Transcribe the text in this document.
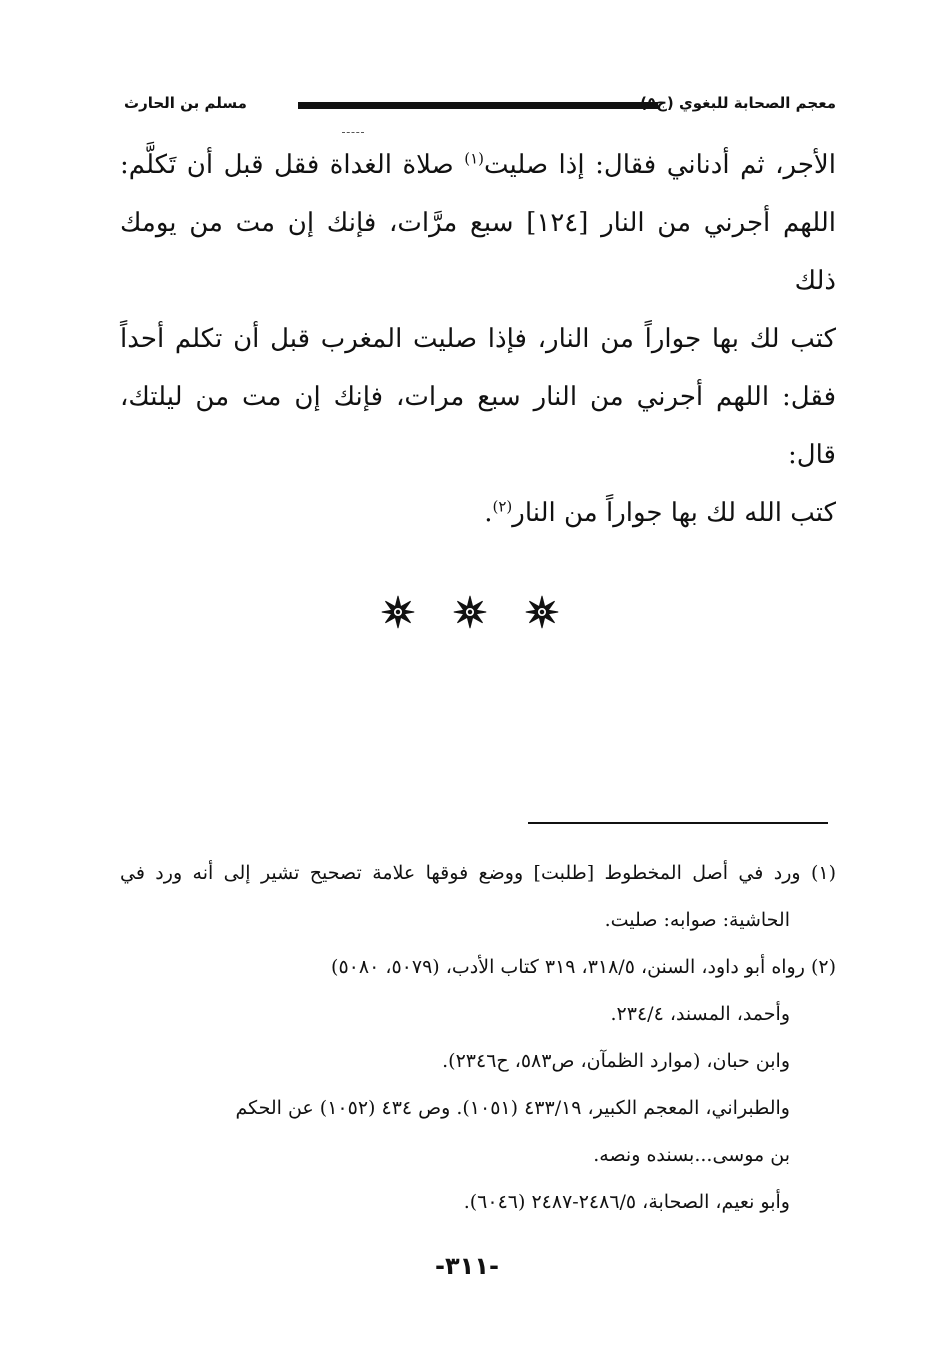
مسلم بن الحارث	معجم الصحابة للبغوي (ج٥)
الأجر، ثم أدناني فقال: إذا صليت$^{(١)}$ صلاة الغداة فقل قبل أن تَكلَّم:
اللهم أجرني من النار [١٢٤] سبع مرَّات، فإنك إن مت من يومك ذلك
كتب لك بها جواراً من النار، فإذا صليت المغرب قبل أن تكلم أحداً
فقل: اللهم أجرني من النار سبع مرات، فإنك إن مت من ليلتك، قال:
كتب الله لك بها جواراً من النار$^{(٢)}$.
(١) ورد في أصل المخطوط [طلبت] ووضع فوقها علامة تصحيح تشير إلى أنه ورد في
الحاشية: صوابه: صليت.
(٢) رواه أبو داود، السنن، ٣١٨/٥، ٣١٩ كتاب الأدب، (٥٠٧٩، ٥٠٨٠)
وأحمد، المسند، ٢٣٤/٤.
وابن حبان، (موارد الظمآن، ص٥٨٣، ح٢٣٤٦).
والطبراني، المعجم الكبير، ٤٣٣/١٩ (١٠٥١). وص ٤٣٤ (١٠٥٢) عن الحكم
بن موسى...بسنده ونصه.
وأبو نعيم، الصحابة، ٢٤٨٦/٥-٢٤٨٧ (٦٠٤٦).
-٣١١-
